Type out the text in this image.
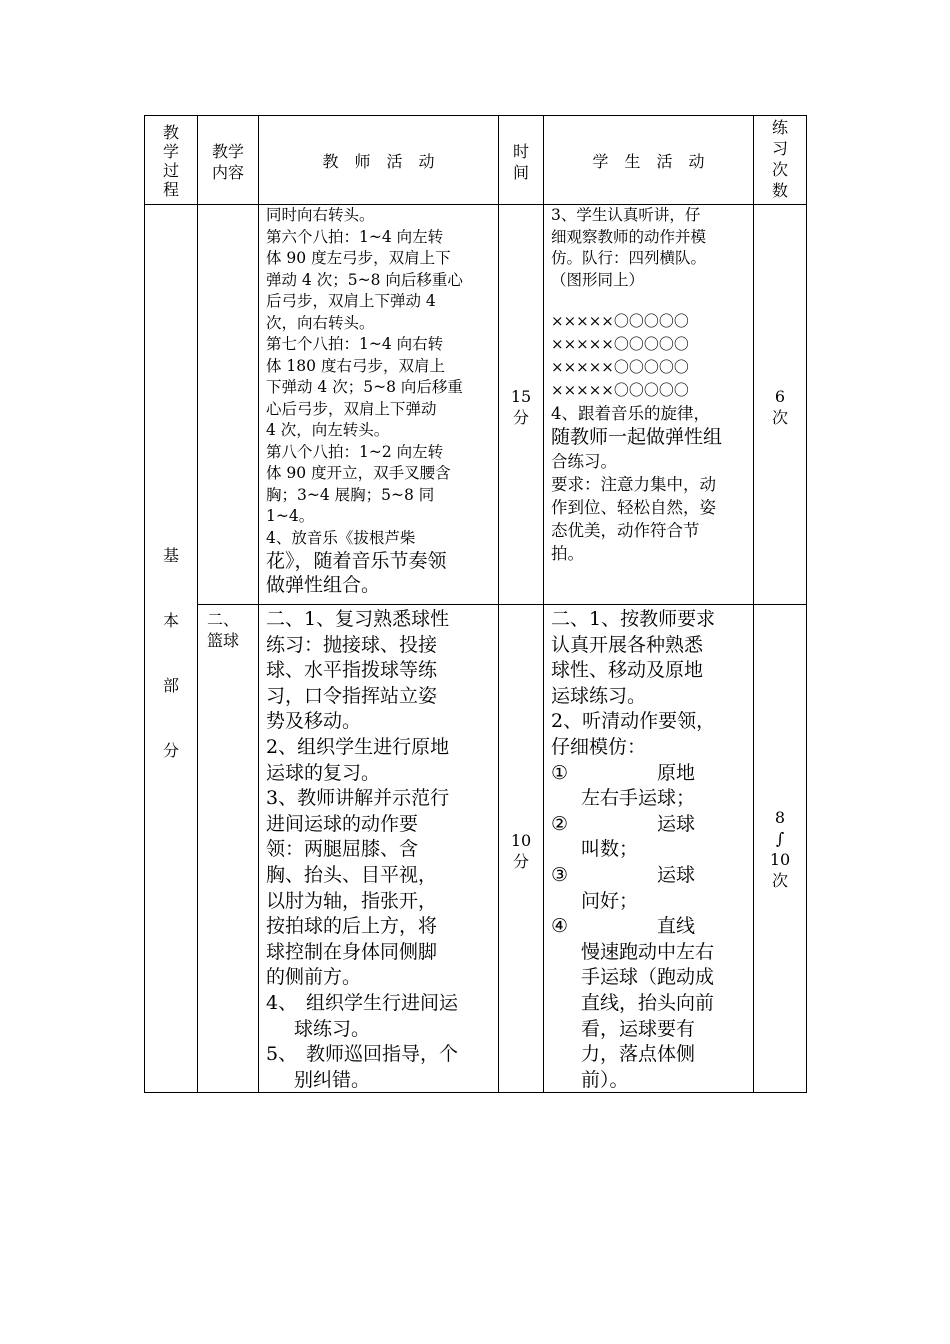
教
学
过
程
教学
内容
教　师　活　动
时
间
学　生　活　动
练
习
次
数
基
本
部
分
同时向右转头。
第六个八拍：1~4 向左转
体 90 度左弓步，双肩上下
弹动 4 次；5~8 向后移重心
后弓步，双肩上下弹动 4
次，向右转头。
第七个八拍：1~4 向右转
体 180 度右弓步，双肩上
下弹动 4 次；5~8 向后移重
心后弓步，双肩上下弹动
4 次，向左转头。
第八个八拍：1~2 向左转
体 90 度开立，双手叉腰含
胸；3~4 展胸；5~8 同
1~4。
4、放音乐《拔根芦柴
花》，随着音乐节奏领
做弹性组合。
15
分
3、学生认真听讲，仔
细观察教师的动作并模
仿。队行：四列横队。
（图形同上）
×××××〇〇〇〇〇
×××××〇〇〇〇〇
×××××〇〇〇〇〇
×××××〇〇〇〇〇
4、跟着音乐的旋律，
随教师一起做弹性组
合练习。
要求：注意力集中，动
作到位、轻松自然，姿
态优美，动作符合节
拍。
6
次
二、
篮球
二、1、复习熟悉球性
练习：抛接球、投接
球、水平指拨球等练
习，口令指挥站立姿
势及移动。
2、组织学生进行原地
运球的复习。
3、教师讲解并示范行
进间运球的动作要
领：两腿屈膝、含
胸、抬头、目平视，
以肘为轴，指张开，
按拍球的后上方，将
球控制在身体同侧脚
的侧前方。
4、 组织学生行进间运
球练习。
5、 教师巡回指导，个
别纠错。
10
分
二、1、按教师要求
认真开展各种熟悉
球性、移动及原地
运球练习。
2、听清动作要领，
仔细模仿：
① 　　　　原地
左右手运球；
② 　　　　运球
叫数；
③ 　　　　运球
问好；
④ 　　　　直线
慢速跑动中左右
手运球（跑动成
直线，抬头向前
看，运球要有
力，落点体侧
前）。
8
∫
10
次
